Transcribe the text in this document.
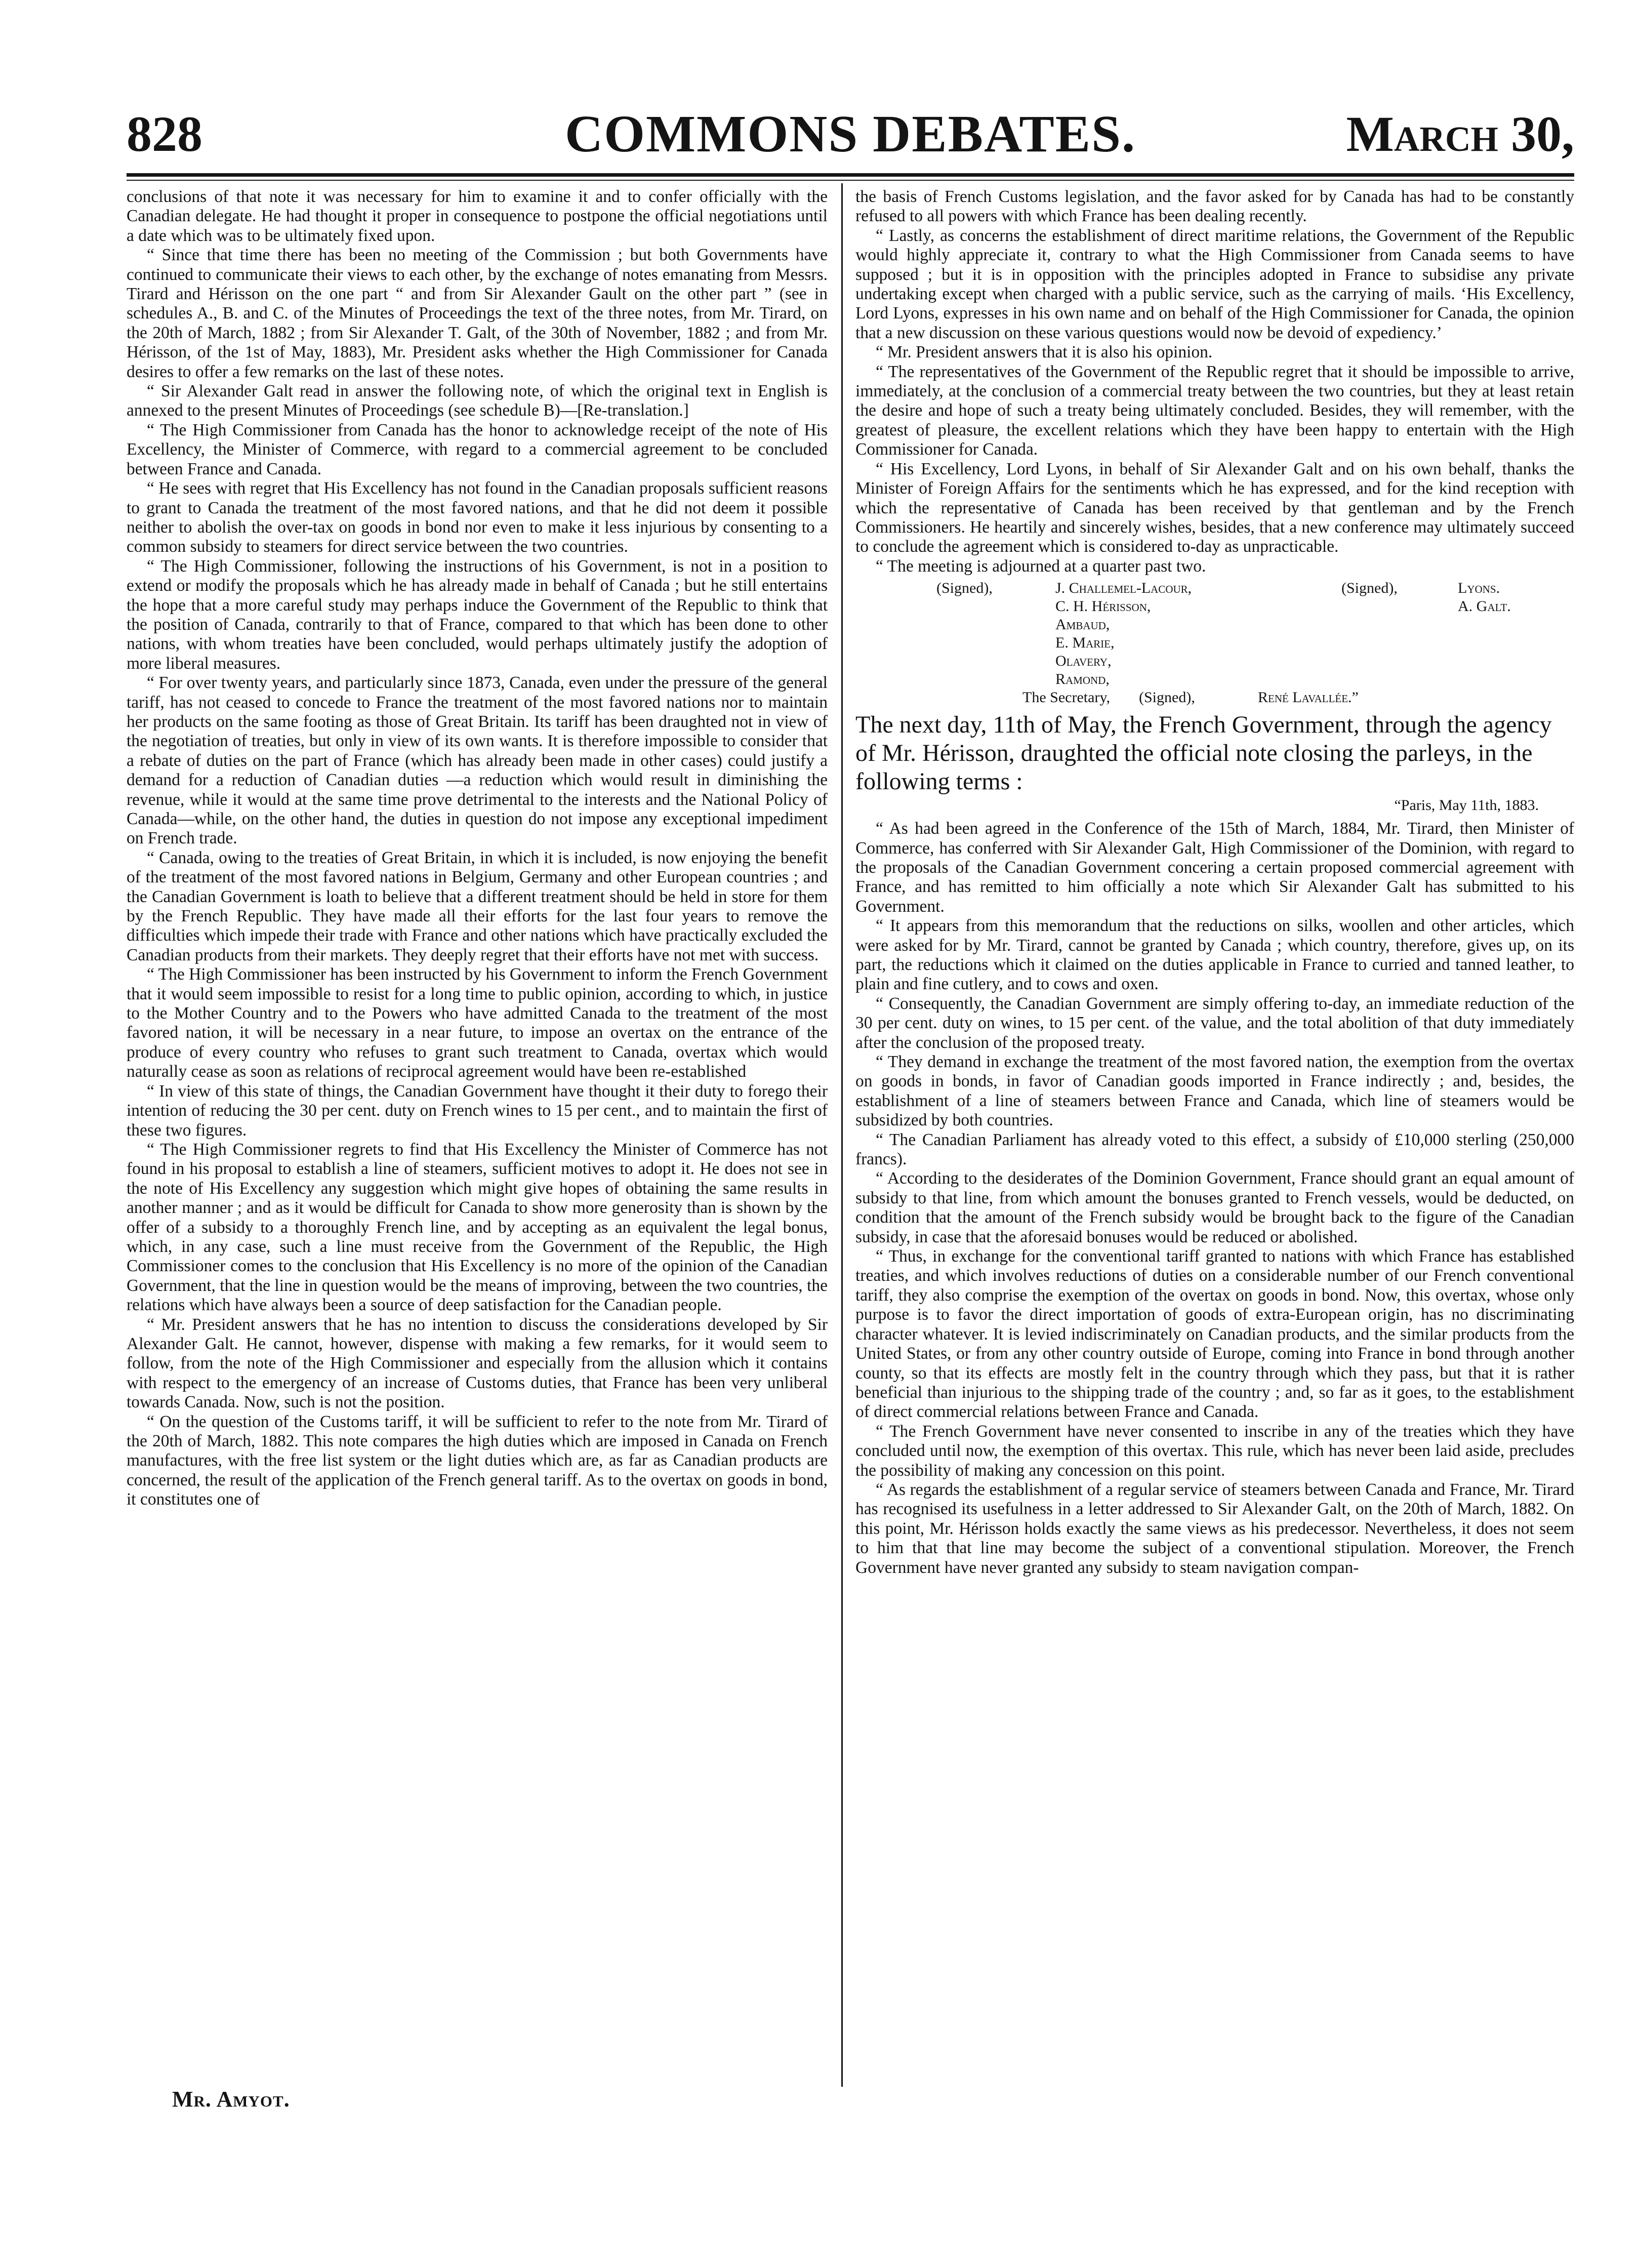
COMMONS DEBATES.
828	March 30,

conclusions of that note it was necessary for him to examine it and to confer officially with the Canadian delegate. He had thought it proper in consequence to postpone the official negotiations until a date which was to be ultimately fixed upon.

“ Since that time there has been no meeting of the Commission ; but both Governments have continued to communicate their views to each other, by the exchange of notes emanating from Messrs. Tirard and Hérisson on the one part “ and from Sir Alexander Gault on the other part ” (see in schedules A., B. and C. of the Minutes of Proceedings the text of the three notes, from Mr. Tirard, on the 20th of March, 1882 ; from Sir Alexander T. Galt, of the 30th of November, 1882 ; and from Mr. Hérisson, of the 1st of May, 1883), Mr. President asks whether the High Commissioner for Canada desires to offer a few remarks on the last of these notes.

“ Sir Alexander Galt read in answer the following note, of which the original text in English is annexed to the present Minutes of Proceedings (see schedule B)—[Re-translation.]

“ The High Commissioner from Canada has the honor to acknowledge receipt of the note of His Excellency, the Minister of Commerce, with regard to a commercial agreement to be concluded between France and Canada.

“ He sees with regret that His Excellency has not found in the Canadian proposals sufficient reasons to grant to Canada the treatment of the most favored nations, and that he did not deem it possible neither to abolish the over-tax on goods in bond nor even to make it less injurious by consenting to a common subsidy to steamers for direct service between the two countries.

“ The High Commissioner, following the instructions of his Government, is not in a position to extend or modify the proposals which he has already made in behalf of Canada ; but he still entertains the hope that a more careful study may perhaps induce the Government of the Republic to think that the position of Canada, contrarily to that of France, compared to that which has been done to other nations, with whom treaties have been concluded, would perhaps ultimately justify the adoption of more liberal measures.

“ For over twenty years, and particularly since 1873, Canada, even under the pressure of the general tariff, has not ceased to concede to France the treatment of the most favored nations nor to maintain her products on the same footing as those of Great Britain. Its tariff has been draughted not in view of the negotiation of treaties, but only in view of its own wants. It is therefore impossible to consider that a rebate of duties on the part of France (which has already been made in other cases) could justify a demand for a reduction of Canadian duties —a reduction which would result in diminishing the revenue, while it would at the same time prove detrimental to the interests and the National Policy of Canada—while, on the other hand, the duties in question do not impose any exceptional impediment on French trade.

“ Canada, owing to the treaties of Great Britain, in which it is included, is now enjoying the benefit of the treatment of the most favored nations in Belgium, Germany and other European countries ; and the Canadian Government is loath to believe that a different treatment should be held in store for them by the French Republic. They have made all their efforts for the last four years to remove the difficulties which impede their trade with France and other nations which have practically excluded the Canadian products from their markets. They deeply regret that their efforts have not met with success.

“ The High Commissioner has been instructed by his Government to inform the French Government that it would seem impossible to resist for a long time to public opinion, according to which, in justice to the Mother Country and to the Powers who have admitted Canada to the treatment of the most favored nation, it will be necessary in a near future, to impose an overtax on the entrance of the produce of every country who refuses to grant such treatment to Canada, overtax which would naturally cease as soon as relations of reciprocal agreement would have been re-established

“ In view of this state of things, the Canadian Government have thought it their duty to forego their intention of reducing the 30 per cent. duty on French wines to 15 per cent., and to maintain the first of these two figures.

“ The High Commissioner regrets to find that His Excellency the Minister of Commerce has not found in his proposal to establish a line of steamers, sufficient motives to adopt it. He does not see in the note of His Excellency any suggestion which might give hopes of obtaining the same results in another manner ; and as it would be difficult for Canada to show more generosity than is shown by the offer of a subsidy to a thoroughly French line, and by accepting as an equivalent the legal bonus, which, in any case, such a line must receive from the Government of the Republic, the High Commissioner comes to the conclusion that His Excellency is no more of the opinion of the Canadian Government, that the line in question would be the means of improving, between the two countries, the relations which have always been a source of deep satisfaction for the Canadian people.

“ Mr. President answers that he has no intention to discuss the considerations developed by Sir Alexander Galt. He cannot, however, dispense with making a few remarks, for it would seem to follow, from the note of the High Commissioner and especially from the allusion which it contains with respect to the emergency of an increase of Customs duties, that France has been very unliberal towards Canada. Now, such is not the position.

“ On the question of the Customs tariff, it will be sufficient to refer to the note from Mr. Tirard of the 20th of March, 1882. This note compares the high duties which are imposed in Canada on French manufactures, with the free list system or the light duties which are, as far as Canadian products are concerned, the result of the application of the French general tariff. As to the overtax on goods in bond, it constitutes one of

the basis of French Customs legislation, and the favor asked for by Canada has had to be constantly refused to all powers with which France has been dealing recently.

“ Lastly, as concerns the establishment of direct maritime relations, the Government of the Republic would highly appreciate it, contrary to what the High Commissioner from Canada seems to have supposed ; but it is in opposition with the principles adopted in France to subsidise any private undertaking except when charged with a public service, such as the carrying of mails. ‘His Excellency, Lord Lyons, expresses in his own name and on behalf of the High Commissioner for Canada, the opinion that a new discussion on these various questions would now be devoid of expediency.’

“ Mr. President answers that it is also his opinion.

“ The representatives of the Government of the Republic regret that it should be impossible to arrive, immediately, at the conclusion of a commercial treaty between the two countries, but they at least retain the desire and hope of such a treaty being ultimately concluded. Besides, they will remember, with the greatest of pleasure, the excellent relations which they have been happy to entertain with the High Commissioner for Canada.

“ His Excellency, Lord Lyons, in behalf of Sir Alexander Galt and on his own behalf, thanks the Minister of Foreign Affairs for the sentiments which he has expressed, and for the kind reception with which the representative of Canada has been received by that gentleman and by the French Commissioners. He heartily and sincerely wishes, besides, that a new conference may ultimately succeed to conclude the agreement which is considered to-day as unpracticable.

“ The meeting is adjourned at a quarter past two.

(Signed),	J. Challemel-Lacour,	(Signed),	Lyons.
C. H. Hérisson,	A. Galt.
Ambaud,
E. Marie,
Olavery,
Ramond,
The Secretary, (Signed),	René Lavallée.”

The next day, 11th of May, the French Government, through the agency of Mr. Hérisson, draughted the official note closing the parleys, in the following terms :

“Paris, May 11th, 1883.

“ As had been agreed in the Conference of the 15th of March, 1884, Mr. Tirard, then Minister of Commerce, has conferred with Sir Alexander Galt, High Commissioner of the Dominion, with regard to the proposals of the Canadian Government concering a certain proposed commercial agreement with France, and has remitted to him officially a note which Sir Alexander Galt has submitted to his Government.

“ It appears from this memorandum that the reductions on silks, woollen and other articles, which were asked for by Mr. Tirard, cannot be granted by Canada ; which country, therefore, gives up, on its part, the reductions which it claimed on the duties applicable in France to curried and tanned leather, to plain and fine cutlery, and to cows and oxen.

“ Consequently, the Canadian Government are simply offering to-day, an immediate reduction of the 30 per cent. duty on wines, to 15 per cent. of the value, and the total abolition of that duty immediately after the conclusion of the proposed treaty.

“ They demand in exchange the treatment of the most favored nation, the exemption from the overtax on goods in bonds, in favor of Canadian goods imported in France indirectly ; and, besides, the establishment of a line of steamers between France and Canada, which line of steamers would be subsidized by both countries.

“ The Canadian Parliament has already voted to this effect, a subsidy of £10,000 sterling (250,000 francs).

“ According to the desiderates of the Dominion Government, France should grant an equal amount of subsidy to that line, from which amount the bonuses granted to French vessels, would be deducted, on condition that the amount of the French subsidy would be brought back to the figure of the Canadian subsidy, in case that the aforesaid bonuses would be reduced or abolished.

“ Thus, in exchange for the conventional tariff granted to nations with which France has established treaties, and which involves reductions of duties on a considerable number of our French conventional tariff, they also comprise the exemption of the overtax on goods in bond. Now, this overtax, whose only purpose is to favor the direct importation of goods of extra-European origin, has no discriminating character whatever. It is levied indiscriminately on Canadian products, and the similar products from the United States, or from any other country outside of Europe, coming into France in bond through another county, so that its effects are mostly felt in the country through which they pass, but that it is rather beneficial than injurious to the shipping trade of the country ; and, so far as it goes, to the establishment of direct commercial relations between France and Canada.

“ The French Government have never consented to inscribe in any of the treaties which they have concluded until now, the exemption of this overtax. This rule, which has never been laid aside, precludes the possibility of making any concession on this point.

“ As regards the establishment of a regular service of steamers between Canada and France, Mr. Tirard has recognised its usefulness in a letter addressed to Sir Alexander Galt, on the 20th of March, 1882. On this point, Mr. Hérisson holds exactly the same views as his predecessor. Nevertheless, it does not seem to him that that line may become the subject of a conventional stipulation. Moreover, the French Government have never granted any subsidy to steam navigation compan-

Mr. Amyot.
